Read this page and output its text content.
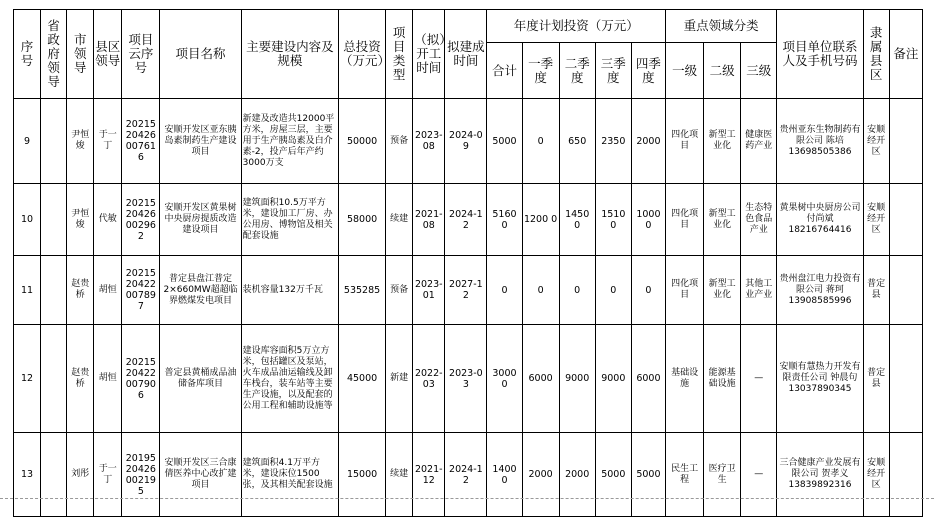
序号	省政府领导	市领导	县区领导	项目云序号	项目名称	主要建设内容及规模	总投资（万元）	项目类型	（拟）开工时间	拟建成时间	年度计划投资（万元）					重点领域分类			项目单位联系人及手机号码	隶属县区	备注
											合计	一季度	二季度	三季度	四季度	一级	二级	三级			
9		尹恒焌	于一丁	2021520426007616	安顺开发区亚东胰岛素制药生产建设项目	新建及改造共12000平方米，房屋三层，主要用于生产胰岛素及白介素-2，投产后年产约3000万支	50000	预备	2023-08	2024-09	5000	0	650	2350	2000	四化项目	新型工业化	健康医药产业	贵州亚东生物制药有限公司 陈培 13698505386	安顺经开区	
10		尹恒焌	代敏	2021520426002962	安顺开发区黄果树中央厨房提质改造建设项目	建筑面积10.5万平方米，建设加工厂房、办公用房、博物馆及相关配套设施	58000	续建	2021-08	2024-12	5160 0	1200 0	1450 0	1510 0	1000 0	四化项目	新型工业化	生态特色食品产业	黄果树中央厨房公司 付尚斌 18216764416	安顺经开区	
11		赵贵桥	胡恒	2021520422007897	普定县盘江普定2×660MW超超临界燃煤发电项目	装机容量132万千瓦	535285	预备	2023-01	2027-12	0	0	0	0	0	四化项目	新型工业化	其他工业产业	贵州盘江电力投资有限公司 蒋珂 13908585996	普定县	
12		赵贵桥	胡恒	2021520422007906	普定县黄桶成品油储备库项目	建设库容面积5万立方米，包括罐区及泵站，火车成品油运输线及卸车栈台，装车站等主要生产设施，以及配套的公用工程和辅助设施等	45000	新建	2022-03	2023-03	3000 0	6000	9000	9000	6000	基础设施	能源基础设施	—	安顺有慧热力开发有限责任公司 钟晨句 13037890345	普定县	
13		刘彤	于一丁	2019520426002195	安顺开发区三合康倩医养中心改扩建项目	建筑面积4.1万平方米，建设床位1500张，及其相关配套设施	15000	续建	2021-12	2024-12	1400 0	2000	2000	5000	5000	民生工程	医疗卫生	—	三合健康产业发展有限公司 贺孝义 13839892316	安顺经开区	
